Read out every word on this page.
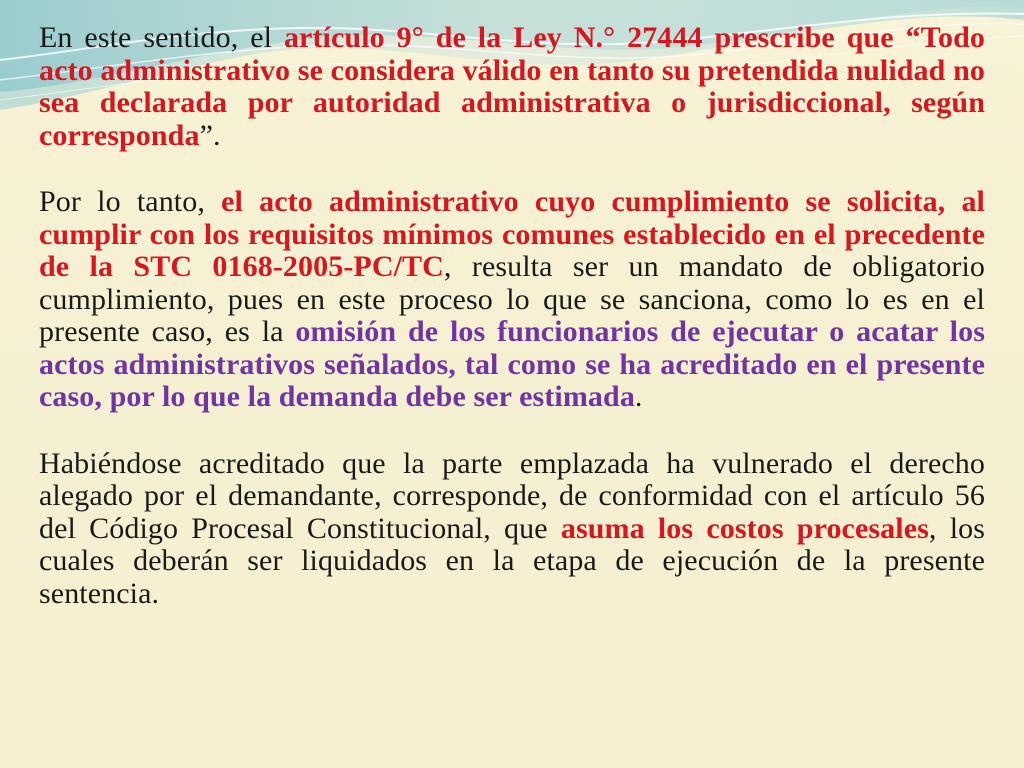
En este sentido, el artículo 9° de la Ley N.° 27444 prescribe que “Todo acto administrativo se considera válido en tanto su pretendida nulidad no sea declarada por autoridad administrativa o jurisdiccional, según corresponda”.

Por lo tanto, el acto administrativo cuyo cumplimiento se solicita, al cumplir con los requisitos mínimos comunes establecido en el precedente de la STC 0168-2005-PC/TC, resulta ser un mandato de obligatorio cumplimiento, pues en este proceso lo que se sanciona, como lo es en el presente caso, es la omisión de los funcionarios de ejecutar o acatar los actos administrativos señalados, tal como se ha acreditado en el presente caso, por lo que la demanda debe ser estimada.

Habiéndose acreditado que la parte emplazada ha vulnerado el derecho alegado por el demandante, corresponde, de conformidad con el artículo 56 del Código Procesal Constitucional, que asuma los costos procesales, los cuales deberán ser liquidados en la etapa de ejecución de la presente sentencia.
